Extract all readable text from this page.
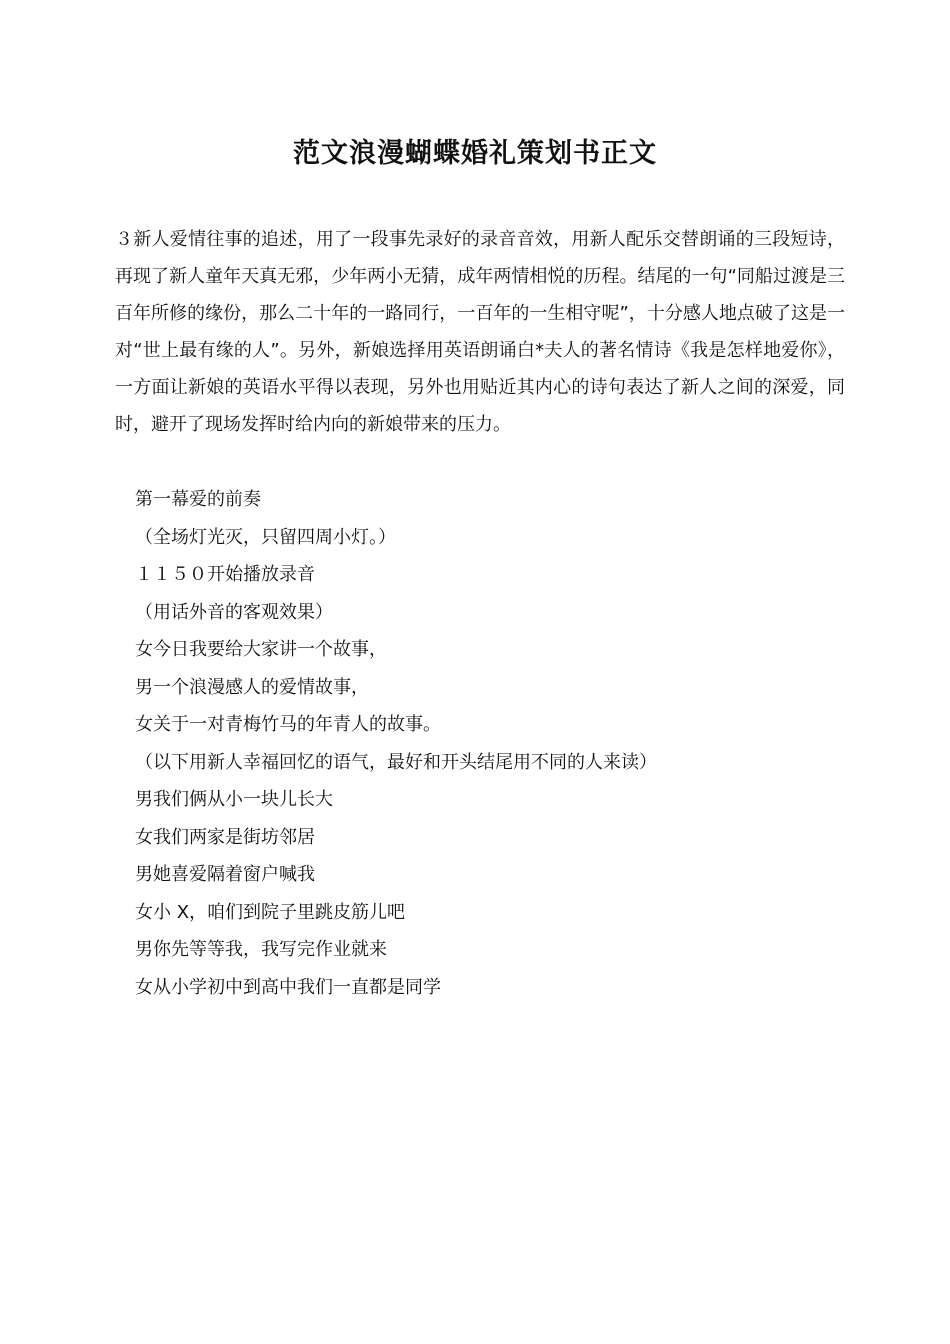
范文浪漫蝴蝶婚礼策划书正文

３新人爱情往事的追述，用了一段事先录好的录音音效，用新人配乐交替朗诵的三段短诗，再现了新人童年天真无邪，少年两小无猜，成年两情相悦的历程。结尾的一句“同船过渡是三百年所修的缘份，那么二十年的一路同行，一百年的一生相守呢”，十分感人地点破了这是一对“世上最有缘的人”。另外，新娘选择用英语朗诵白*夫人的著名情诗《我是怎样地爱你》，一方面让新娘的英语水平得以表现，另外也用贴近其内心的诗句表达了新人之间的深爱，同时，避开了现场发挥时给内向的新娘带来的压力。

第一幕爱的前奏
（全场灯光灭，只留四周小灯。）
１１５０开始播放录音
（用话外音的客观效果）
女今日我要给大家讲一个故事，
男一个浪漫感人的爱情故事，
女关于一对青梅竹马的年青人的故事。
（以下用新人幸福回忆的语气，最好和开头结尾用不同的人来读）
男我们俩从小一块儿长大
女我们两家是街坊邻居
男她喜爱隔着窗户喊我
女小 X，咱们到院子里跳皮筋儿吧
男你先等等我，我写完作业就来
女从小学初中到高中我们一直都是同学
